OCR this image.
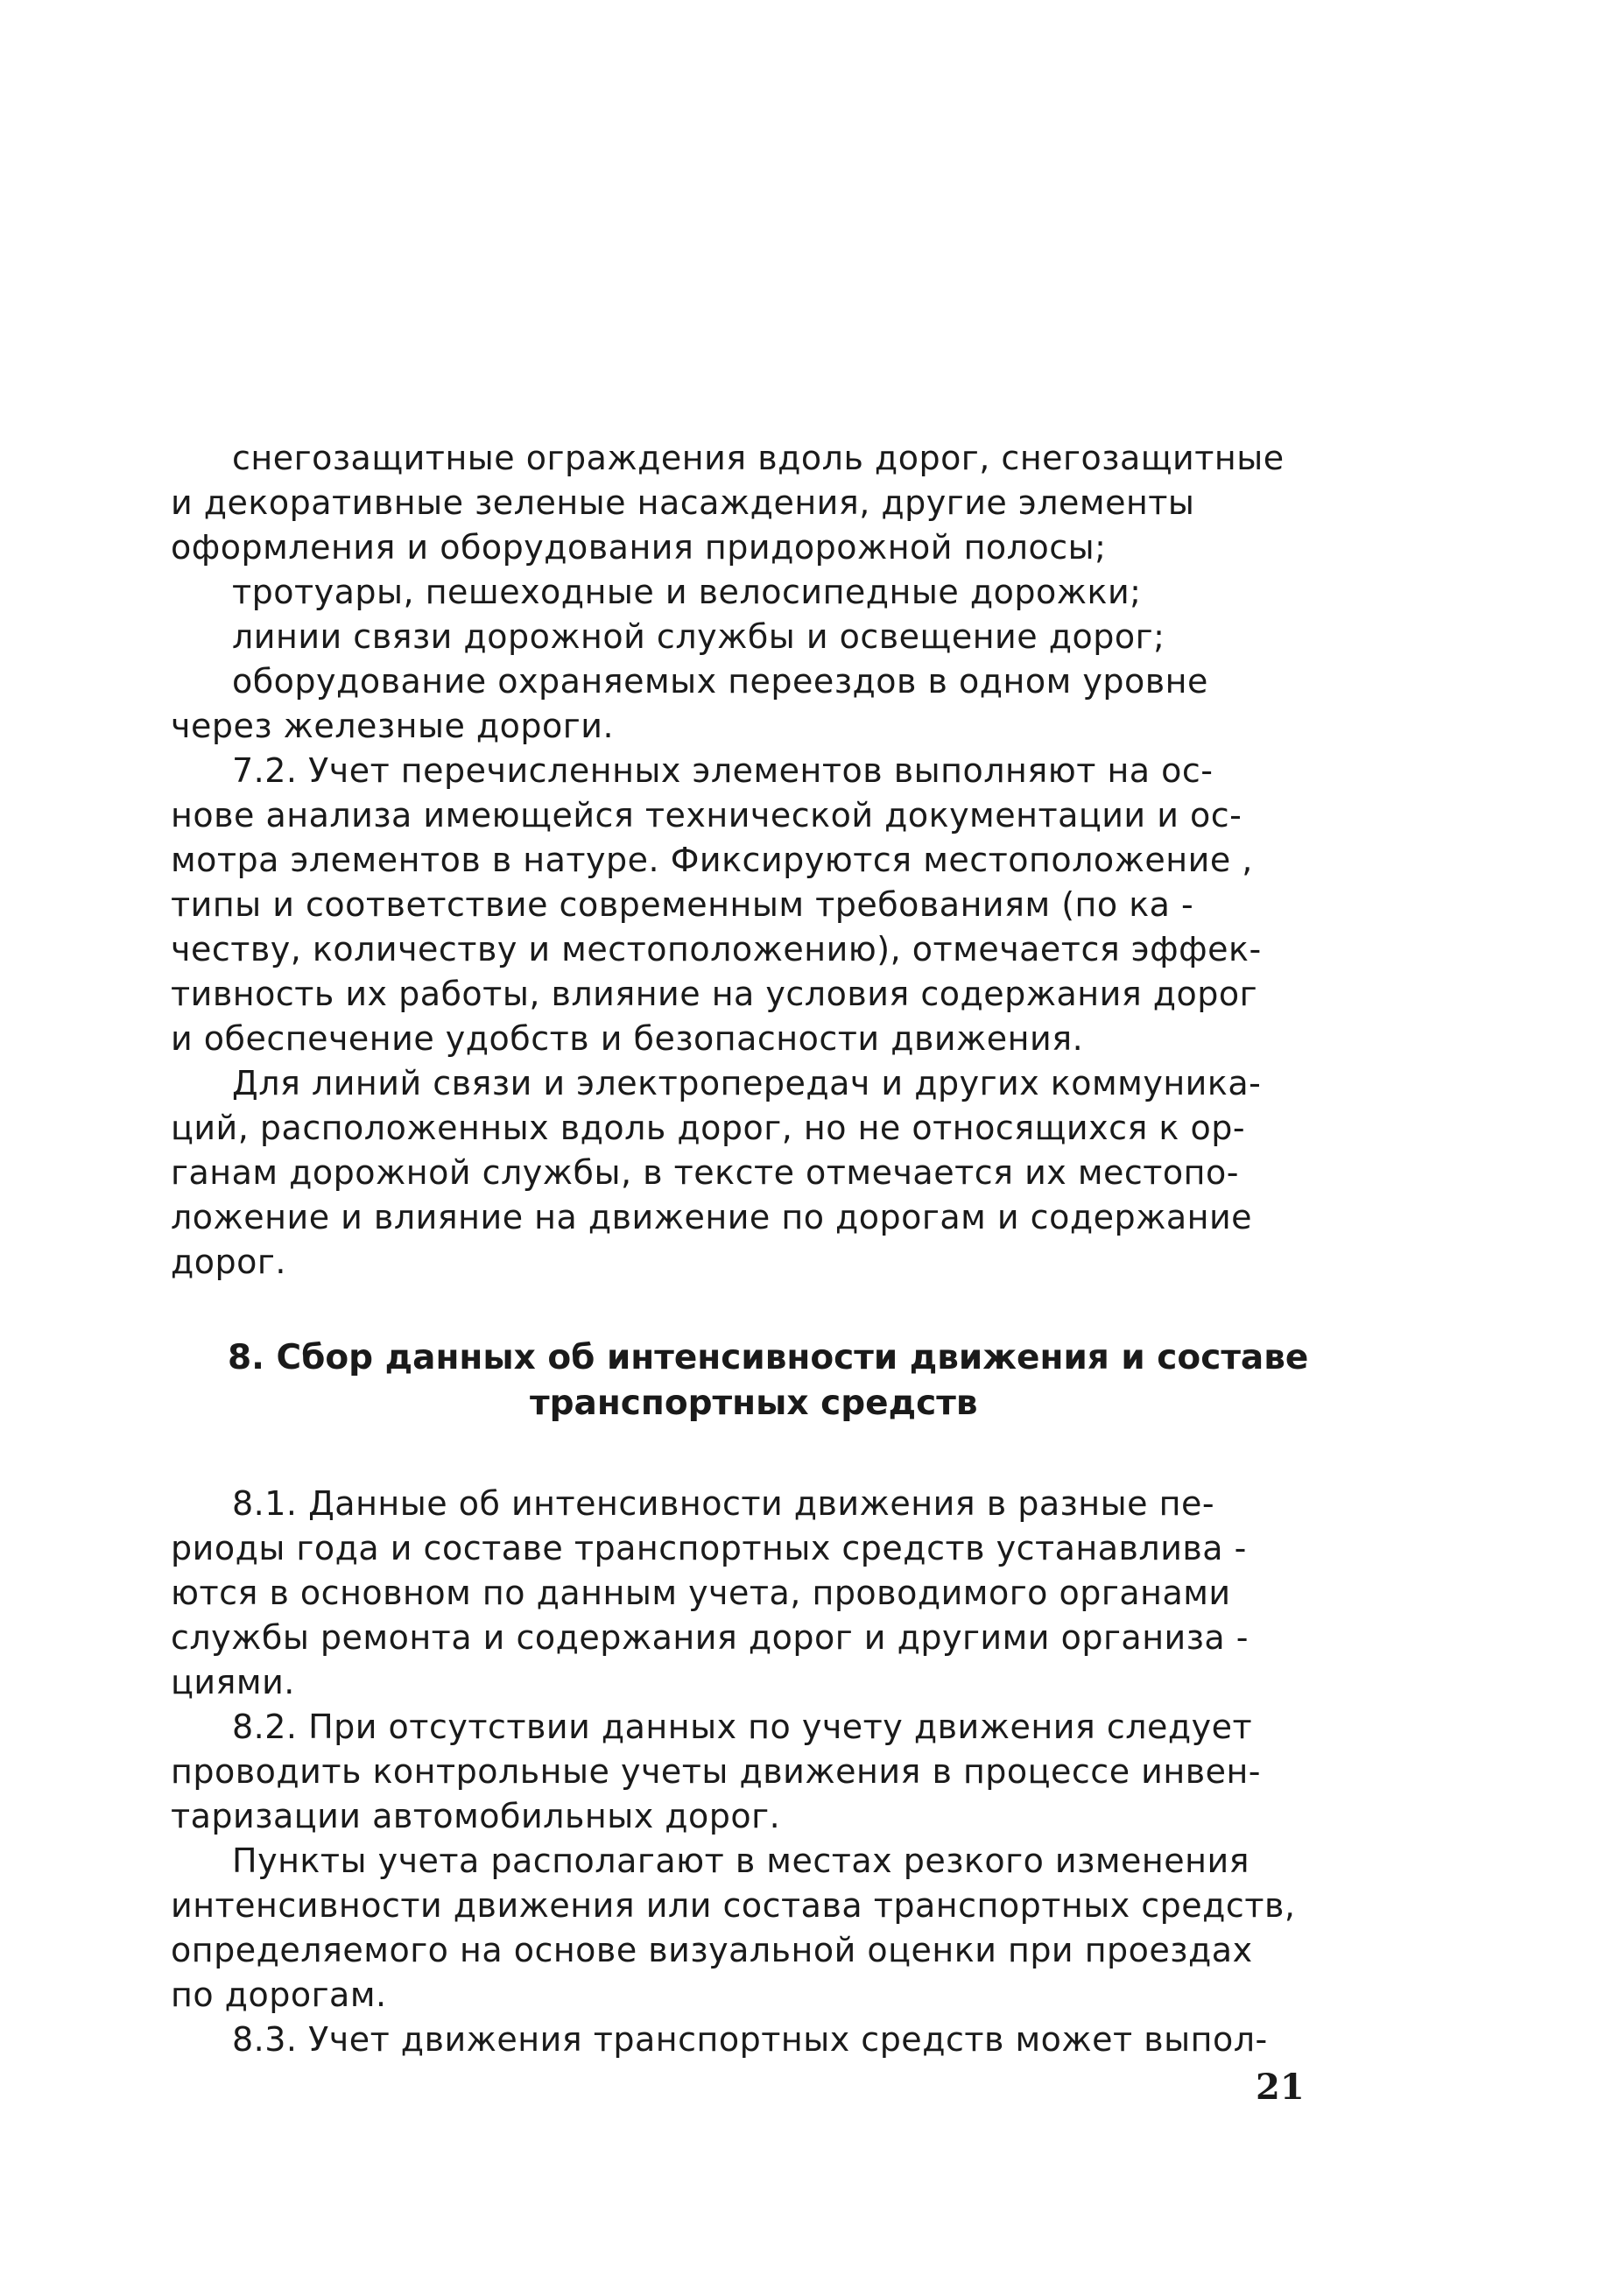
снегозащитные ограждения вдоль дорог, снегозащитные
и декоративные зеленые насаждения, другие элементы
оформления и оборудования придорожной полосы;
тротуары, пешеходные и велосипедные дорожки;
линии связи дорожной службы и освещение дорог;
оборудование охраняемых переездов в одном уровне
через железные дороги.
7.2. Учет перечисленных элементов выполняют на ос-
нове анализа имеющейся технической документации и ос-
мотра элементов в натуре. Фиксируются местоположение ,
типы и соответствие современным требованиям (по ка -
честву, количеству и местоположению), отмечается эффек-
тивность их работы, влияние на условия содержания дорог
и обеспечение удобств и безопасности движения.
Для линий связи и электропередач и других коммуника-
ций, расположенных вдоль дорог, но не относящихся к ор-
ганам дорожной службы, в тексте отмечается их местопо-
ложение и влияние на движение по дорогам и содержание
дорог.
8. Сбор данных об интенсивности движения и составе
транспортных средств
8.1. Данные об интенсивности движения в разные пе-
риоды года и составе транспортных средств устанавлива -
ются в основном по данным учета, проводимого органами
службы ремонта и содержания дорог и другими организа -
циями.
8.2. При отсутствии данных по учету движения следует
проводить контрольные учеты движения в процессе инвен-
таризации автомобильных дорог.
Пункты учета располагают в местах резкого изменения
интенсивности движения или состава транспортных средств,
определяемого на основе визуальной оценки при проездах
по дорогам.
8.3. Учет движения транспортных средств может выпол-
21
